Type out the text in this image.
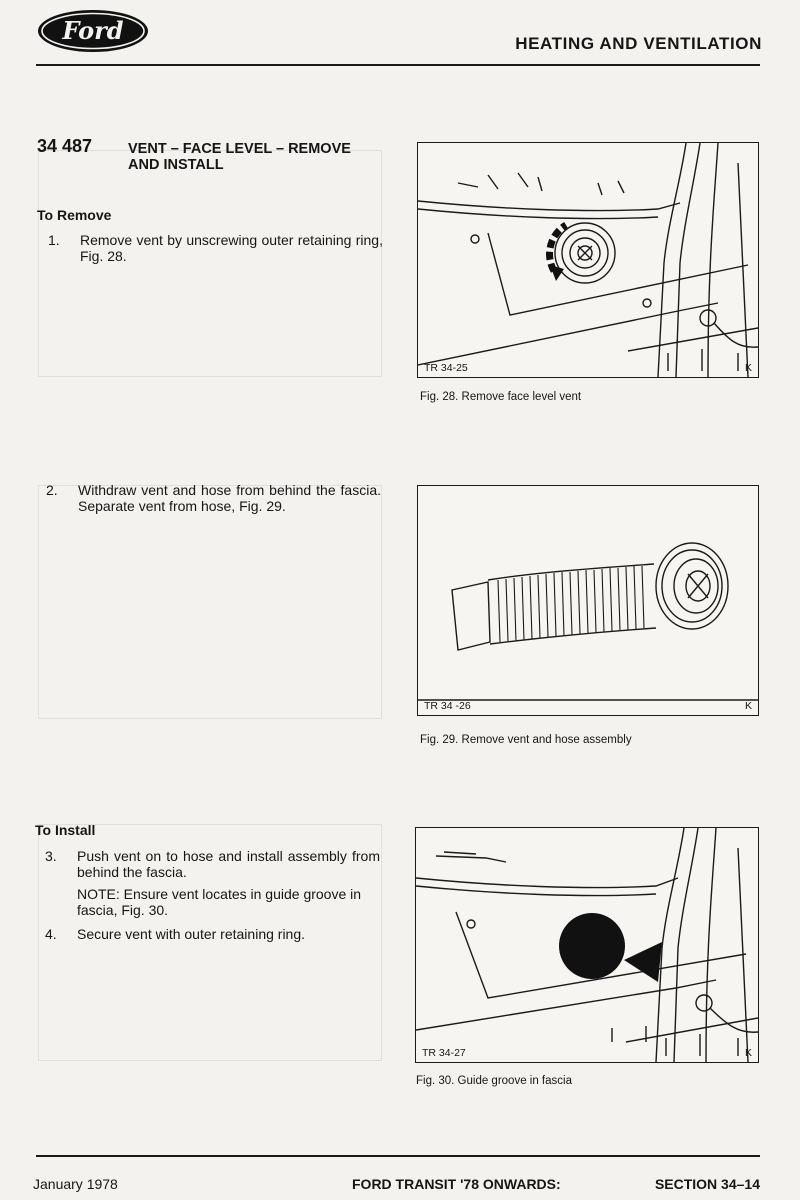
Ford	HEATING AND VENTILATION
34 487 VENT – FACE LEVEL – REMOVE
AND INSTALL
To Remove
1. Remove vent by unscrewing outer retaining ring, Fig. 28.
2. Withdraw vent and hose from behind the fascia. Separate vent from hose, Fig. 29.
To Install
3. Push vent on to hose and install assembly from behind the fascia.
NOTE: Ensure vent locates in guide groove in fascia, Fig. 30.
4. Secure vent with outer retaining ring.
TR 34-25	K
Fig. 28. Remove face level vent
TR 34 -26	K
Fig. 29. Remove vent and hose assembly
TR 34-27	K
Fig. 30. Guide groove in fascia
January 1978	FORD TRANSIT '78 ONWARDS:	SECTION 34–14
